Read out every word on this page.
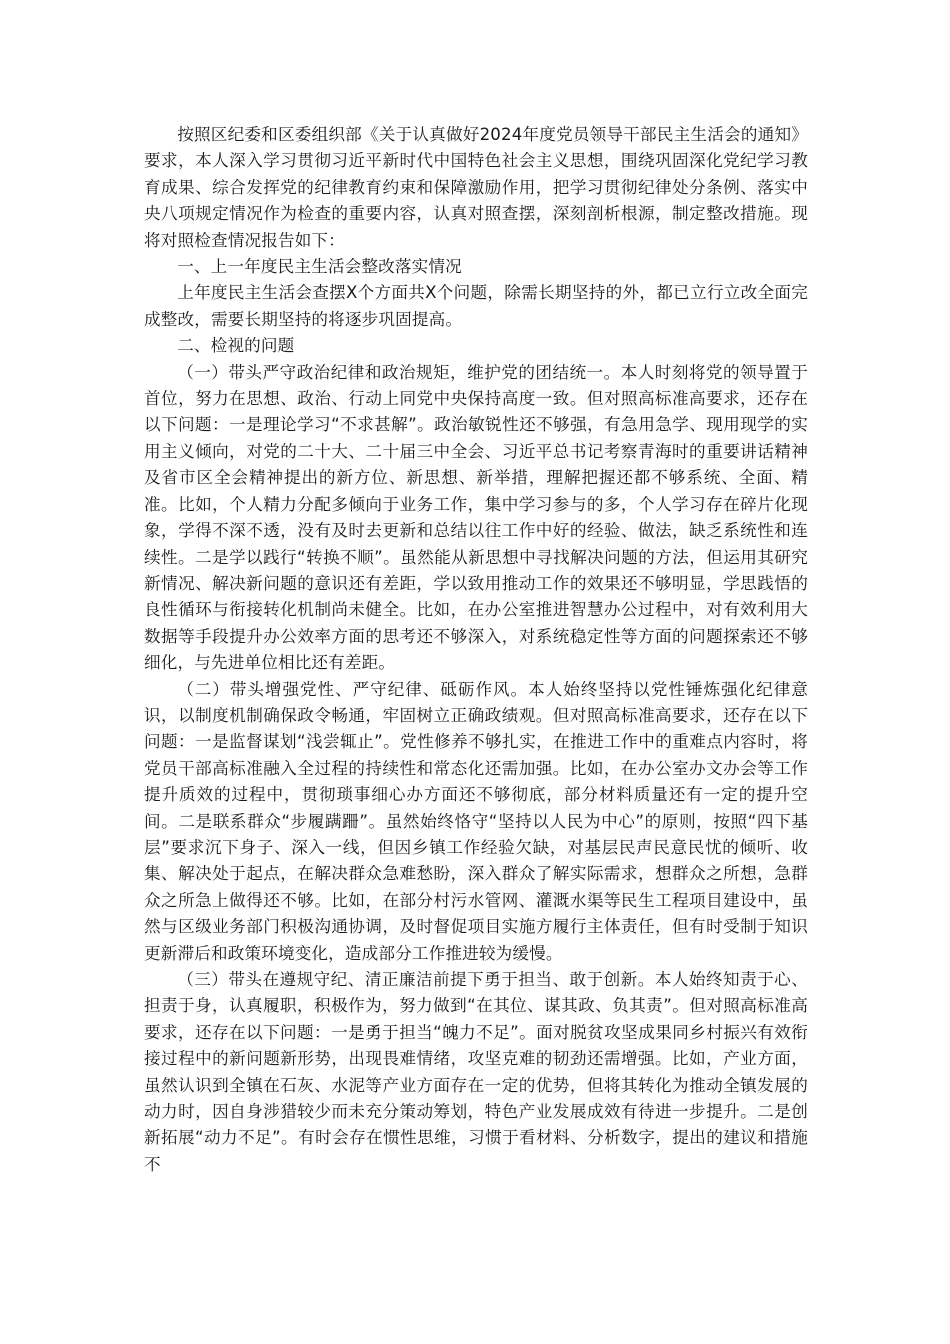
按照区纪委和区委组织部《关于认真做好2024年度党员领导干部民主生活会的通知》要求，本人深入学习贯彻习近平新时代中国特色社会主义思想，围绕巩固深化党纪学习教育成果、综合发挥党的纪律教育约束和保障激励作用，把学习贯彻纪律处分条例、落实中央八项规定情况作为检查的重要内容，认真对照查摆，深刻剖析根源，制定整改措施。现将对照检查情况报告如下：

一、上一年度民主生活会整改落实情况

上年度民主生活会查摆X个方面共X个问题，除需长期坚持的外，都已立行立改全面完成整改，需要长期坚持的将逐步巩固提高。

二、检视的问题

（一）带头严守政治纪律和政治规矩，维护党的团结统一。本人时刻将党的领导置于首位，努力在思想、政治、行动上同党中央保持高度一致。但对照高标准高要求，还存在以下问题：一是理论学习“不求甚解”。政治敏锐性还不够强，有急用急学、现用现学的实用主义倾向，对党的二十大、二十届三中全会、习近平总书记考察青海时的重要讲话精神及省市区全会精神提出的新方位、新思想、新举措，理解把握还都不够系统、全面、精准。比如，个人精力分配多倾向于业务工作，集中学习参与的多，个人学习存在碎片化现象，学得不深不透，没有及时去更新和总结以往工作中好的经验、做法，缺乏系统性和连续性。二是学以践行“转换不顺”。虽然能从新思想中寻找解决问题的方法，但运用其研究新情况、解决新问题的意识还有差距，学以致用推动工作的效果还不够明显，学思践悟的良性循环与衔接转化机制尚未健全。比如，在办公室推进智慧办公过程中，对有效利用大数据等手段提升办公效率方面的思考还不够深入，对系统稳定性等方面的问题探索还不够细化，与先进单位相比还有差距。

（二）带头增强党性、严守纪律、砥砺作风。本人始终坚持以党性锤炼强化纪律意识，以制度机制确保政令畅通，牢固树立正确政绩观。但对照高标准高要求，还存在以下问题：一是监督谋划“浅尝辄止”。党性修养不够扎实，在推进工作中的重难点内容时，将党员干部高标准融入全过程的持续性和常态化还需加强。比如，在办公室办文办会等工作提升质效的过程中，贯彻琐事细心办方面还不够彻底，部分材料质量还有一定的提升空间。二是联系群众“步履蹒跚”。虽然始终恪守“坚持以人民为中心”的原则，按照“四下基层”要求沉下身子、深入一线，但因乡镇工作经验欠缺，对基层民声民意民忧的倾听、收集、解决处于起点，在解决群众急难愁盼，深入群众了解实际需求，想群众之所想，急群众之所急上做得还不够。比如，在部分村污水管网、灌溉水渠等民生工程项目建设中，虽然与区级业务部门积极沟通协调，及时督促项目实施方履行主体责任，但有时受制于知识更新滞后和政策环境变化，造成部分工作推进较为缓慢。

（三）带头在遵规守纪、清正廉洁前提下勇于担当、敢于创新。本人始终知责于心、担责于身，认真履职，积极作为，努力做到“在其位、谋其政、负其责”。但对照高标准高要求，还存在以下问题：一是勇于担当“魄力不足”。面对脱贫攻坚成果同乡村振兴有效衔接过程中的新问题新形势，出现畏难情绪，攻坚克难的韧劲还需增强。比如，产业方面，虽然认识到全镇在石灰、水泥等产业方面存在一定的优势，但将其转化为推动全镇发展的动力时，因自身涉猎较少而未充分策动筹划，特色产业发展成效有待进一步提升。二是创新拓展“动力不足”。有时会存在惯性思维，习惯于看材料、分析数字，提出的建议和措施不
